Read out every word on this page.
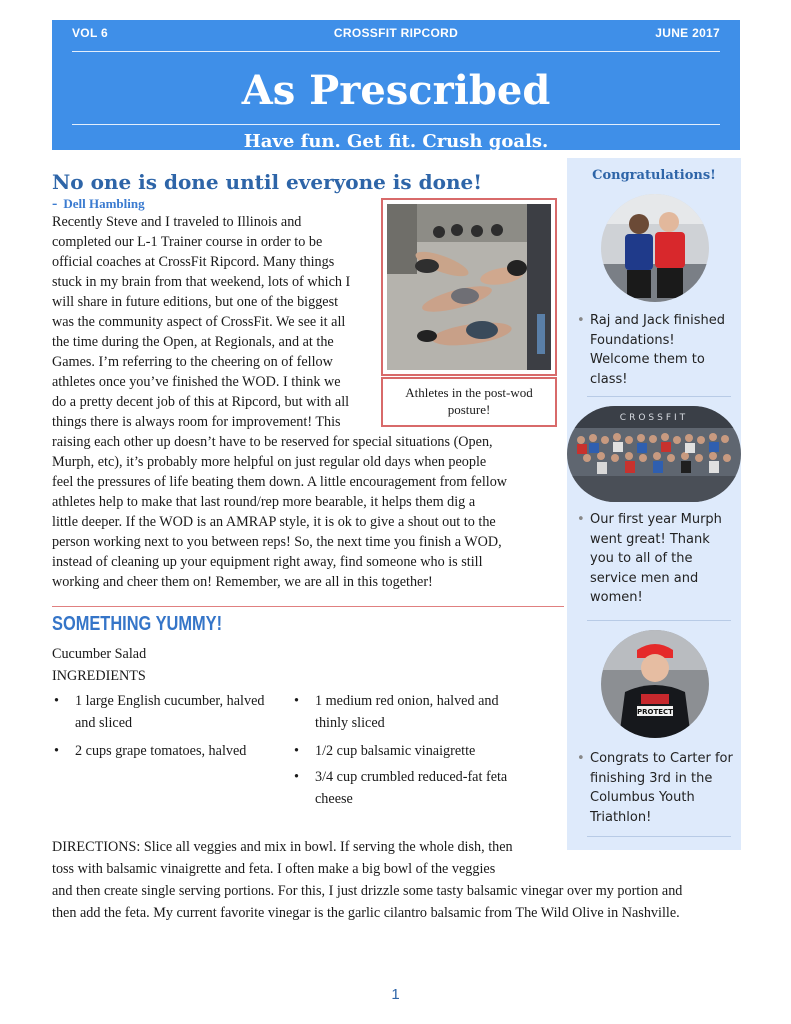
VOL 6	CROSSFIT RIPCORD	JUNE 2017
As Prescribed
Have fun. Get fit. Crush goals.
No one is done until everyone is done!
- Dell Hambling
Recently Steve and I traveled to Illinois and
completed our L-1 Trainer course in order to be
official coaches at CrossFit Ripcord. Many things
stuck in my brain from that weekend, lots of which I
will share in future editions, but one of the biggest
was the community aspect of CrossFit. We see it all
the time during the Open, at Regionals, and at the
Games. I’m referring to the cheering on of fellow
athletes once you’ve finished the WOD. I think we
do a pretty decent job of this at Ripcord, but with all
things there is always room for improvement! This
raising each other up doesn’t have to be reserved for special situations (Open,
Murph, etc), it’s probably more helpful on just regular old days when people
feel the pressures of life beating them down. A little encouragement from fellow
athletes help to make that last round/rep more bearable, it helps them dig a
little deeper. If the WOD is an AMRAP style, it is ok to give a shout out to the
person working next to you between reps! So, the next time you finish a WOD,
instead of cleaning up your equipment right away, find someone who is still
working and cheer them on! Remember, we are all in this together!
Athletes in the post-wod posture!
SOMETHING YUMMY!
Cucumber Salad
INGREDIENTS
• 1 large English cucumber, halved and sliced
• 2 cups grape tomatoes, halved
• 1 medium red onion, halved and thinly sliced
• 1/2 cup balsamic vinaigrette
• 3/4 cup crumbled reduced-fat feta cheese
DIRECTIONS: Slice all veggies and mix in bowl. If serving the whole dish, then
toss with balsamic vinaigrette and feta. I often make a big bowl of the veggies
and then create single serving portions. For this, I just drizzle some tasty balsamic vinegar over my portion and
then add the feta. My current favorite vinegar is the garlic cilantro balsamic from The Wild Olive in Nashville.
Congratulations!
• Raj and Jack finished Foundations! Welcome them to class!
CROSSFIT
• Our first year Murph went great! Thank you to all of the service men and women!
PROTECT
• Congrats to Carter for finishing 3rd in the Columbus Youth Triathlon!
1
